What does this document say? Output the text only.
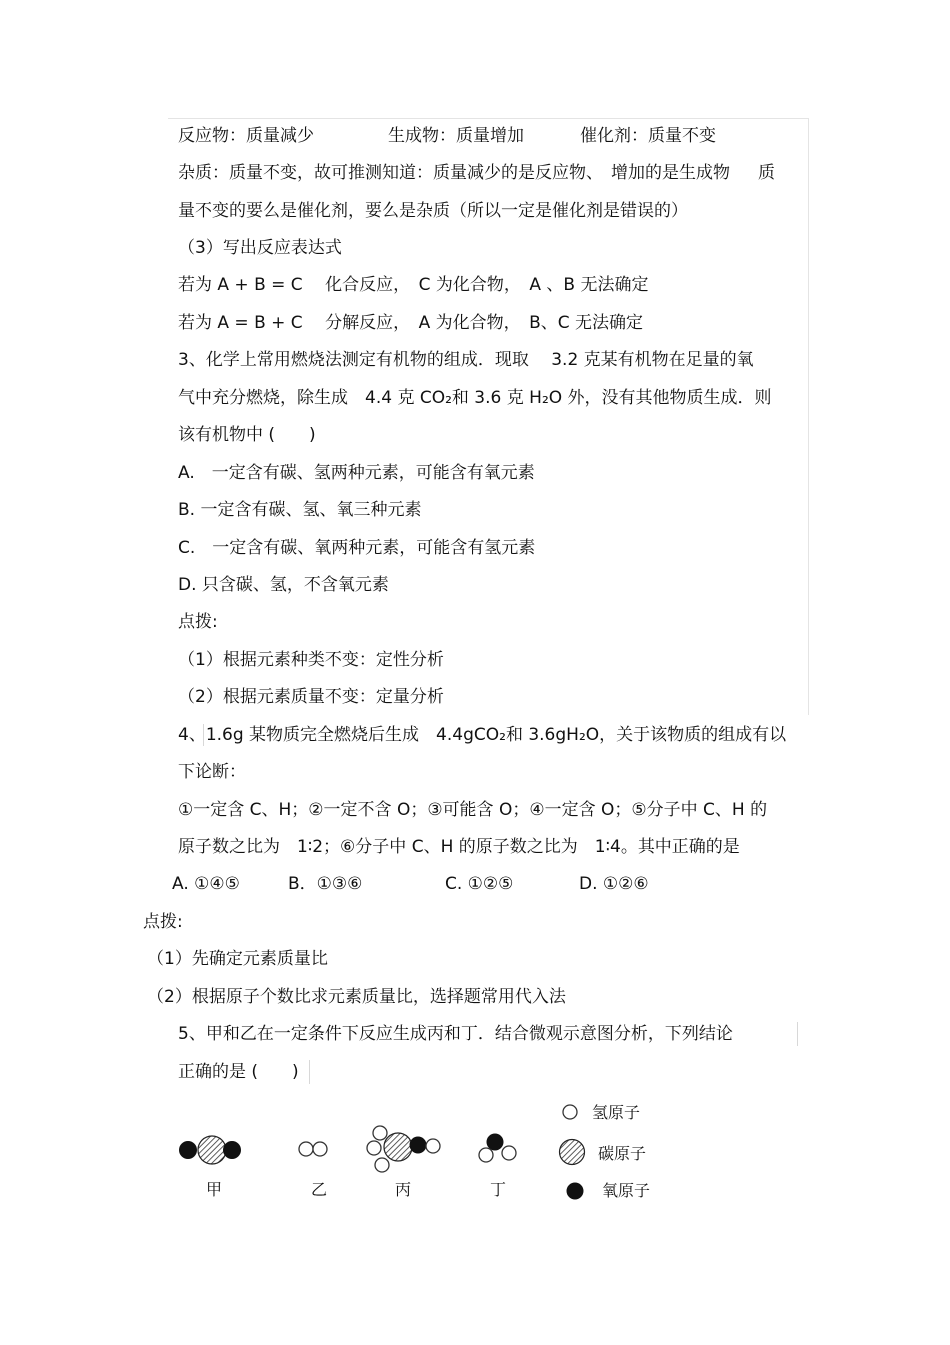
反应物：质量减少	生成物：质量增加	催化剂：质量不变
杂质：质量不变，故可推测知道：质量减少的是反应物、 增加的是生成物 质
量不变的要么是催化剂，要么是杂质（所以一定是催化剂是错误的）
（3）写出反应表达式
若为 A + B = C　 化合反应，　C 为化合物，　A 、B 无法确定
若为 A = B + C　 分解反应，　A 为化合物，　B、C 无法确定
3、化学上常用燃烧法测定有机物的组成．现取　 3.2 克某有机物在足量的氧
气中充分燃烧，除生成　4.4 克 CO₂和 3.6 克 H₂O 外，没有其他物质生成．则
该有机物中 (　　)
A.　一定含有碳、氢两种元素，可能含有氧元素
B. 一定含有碳、氢、氧三种元素
C.　一定含有碳、氧两种元素，可能含有氢元素
D. 只含碳、氢，不含氧元素
点拨:
（1）根据元素种类不变：定性分析
（2）根据元素质量不变：定量分析
4、1.6g 某物质完全燃烧后生成　4.4gCO₂和 3.6gH₂O，关于该物质的组成有以
下论断：
①一定含 C、H；②一定不含 O；③可能含 O；④一定含 O；⑤分子中 C、H 的
原子数之比为　1∶2；⑥分子中 C、H 的原子数之比为　1∶4。其中正确的是
A. ①④⑤	B．①③⑥	C. ①②⑤	D. ①②⑥
点拨:
（1）先确定元素质量比
（2）根据原子个数比求元素质量比，选择题常用代入法
5、甲和乙在一定条件下反应生成丙和丁．结合微观示意图分析，下列结论
正确的是 (　　)
甲	乙	丙	丁
氢原子
碳原子
氧原子
